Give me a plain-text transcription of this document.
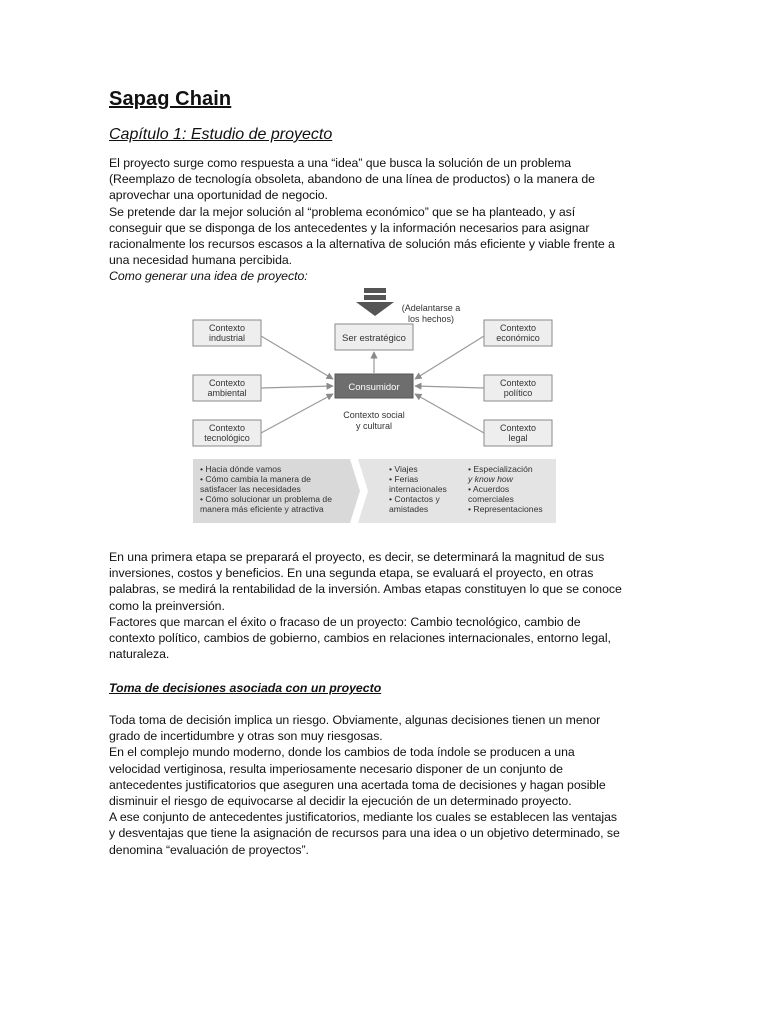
Sapag Chain
Capítulo 1: Estudio de proyecto
El proyecto surge como respuesta a una “idea” que busca la solución de un problema
(Reemplazo de tecnología obsoleta, abandono de una línea de productos) o la manera de
aprovechar una oportunidad de negocio.
Se pretende dar la mejor solución al “problema económico” que se ha planteado, y así
conseguir que se disponga de los antecedentes y la información necesarios para asignar
racionalmente los recursos escasos a la alternativa de solución más eficiente y viable frente a
una necesidad humana percibida.
Como generar una idea de proyecto:
Ser estratégico
(Adelantarse a
los hechos)
Consumidor
Contexto social
y cultural
Contexto
industrial
Contexto
ambiental
Contexto
tecnológico
Contexto
económico
Contexto
político
Contexto
legal
• Hacia dónde vamos
• Cómo cambia la manera de
satisfacer las necesidades
• Cómo solucionar un problema de
manera más eficiente y atractiva
• Viajes
• Ferias
internacionales
• Contactos y
amistades
• Especialización
y know how
• Acuerdos
comerciales
• Representaciones
En una primera etapa se preparará el proyecto, es decir, se determinará la magnitud de sus
inversiones, costos y beneficios. En una segunda etapa, se evaluará el proyecto, en otras
palabras, se medirá la rentabilidad de la inversión. Ambas etapas constituyen lo que se conoce
como la preinversión.
Factores que marcan el éxito o fracaso de un proyecto: Cambio tecnológico, cambio de
contexto político, cambios de gobierno, cambios en relaciones internacionales, entorno legal,
naturaleza.
Toma de decisiones asociada con un proyecto
Toda toma de decisión implica un riesgo. Obviamente, algunas decisiones tienen un menor
grado de incertidumbre y otras son muy riesgosas.
En el complejo mundo moderno, donde los cambios de toda índole se producen a una
velocidad vertiginosa, resulta imperiosamente necesario disponer de un conjunto de
antecedentes justificatorios que aseguren una acertada toma de decisiones y hagan posible
disminuir el riesgo de equivocarse al decidir la ejecución de un determinado proyecto.
A ese conjunto de antecedentes justificatorios, mediante los cuales se establecen las ventajas
y desventajas que tiene la asignación de recursos para una idea o un objetivo determinado, se
denomina “evaluación de proyectos”.
